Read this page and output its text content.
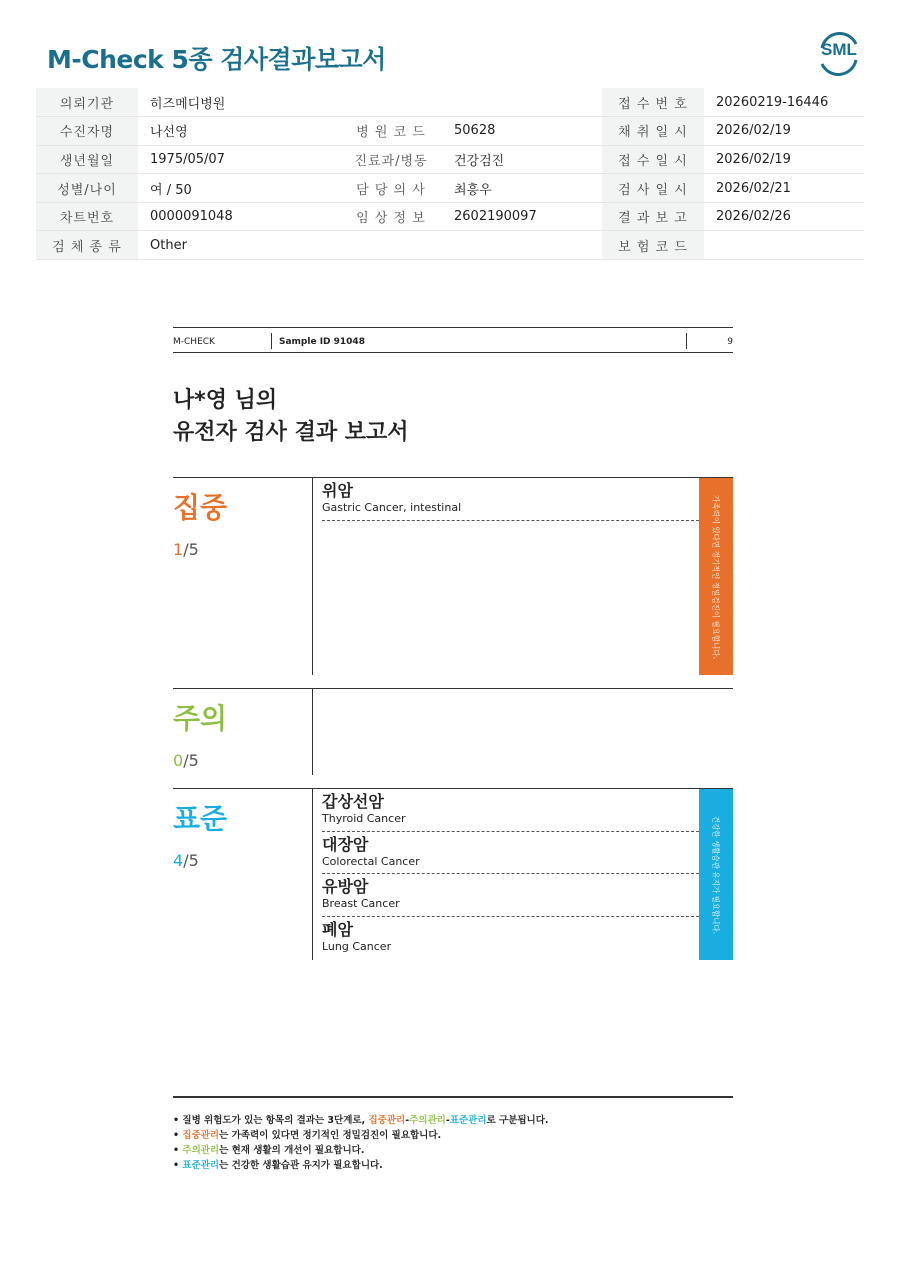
M-Check 5종 검사결과보고서	SML
의뢰기관	히즈메디병원			접 수 번 호	20260219-16446
수진자명	나선영	병 원 코 드	50628	채 취 일 시	2026/02/19
생년월일	1975/05/07	진료과/병동	건강검진	접 수 일 시	2026/02/19
성별/나이	여 / 50	담 당 의 사	최흥우	검 사 일 시	2026/02/21
차트번호	0000091048	임 상 정 보	2602190097	결 과 보 고	2026/02/26
검 체 종 류	Other			보 험 코 드	
M-CHECK	Sample ID 91048	9
나*영 님의
유전자 검사 결과 보고서
집중
1/5
위암
Gastric Cancer, intestinal	가족력이 있다면 정기적인 정밀검진이 필요합니다.
주의
0/5
표준
4/5
갑상선암
Thyroid Cancer
대장암
Colorectal Cancer
유방암
Breast Cancer
폐암
Lung Cancer
건강한 생활습관 유지가 필요합니다.
• 질병 위험도가 있는 항목의 결과는 3단계로, 집중관리-주의관리-표준관리로 구분됩니다.
• 집중관리는 가족력이 있다면 정기적인 정밀검진이 필요합니다.
• 주의관리는 현재 생활의 개선이 필요합니다.
• 표준관리는 건강한 생활습관 유지가 필요합니다.
